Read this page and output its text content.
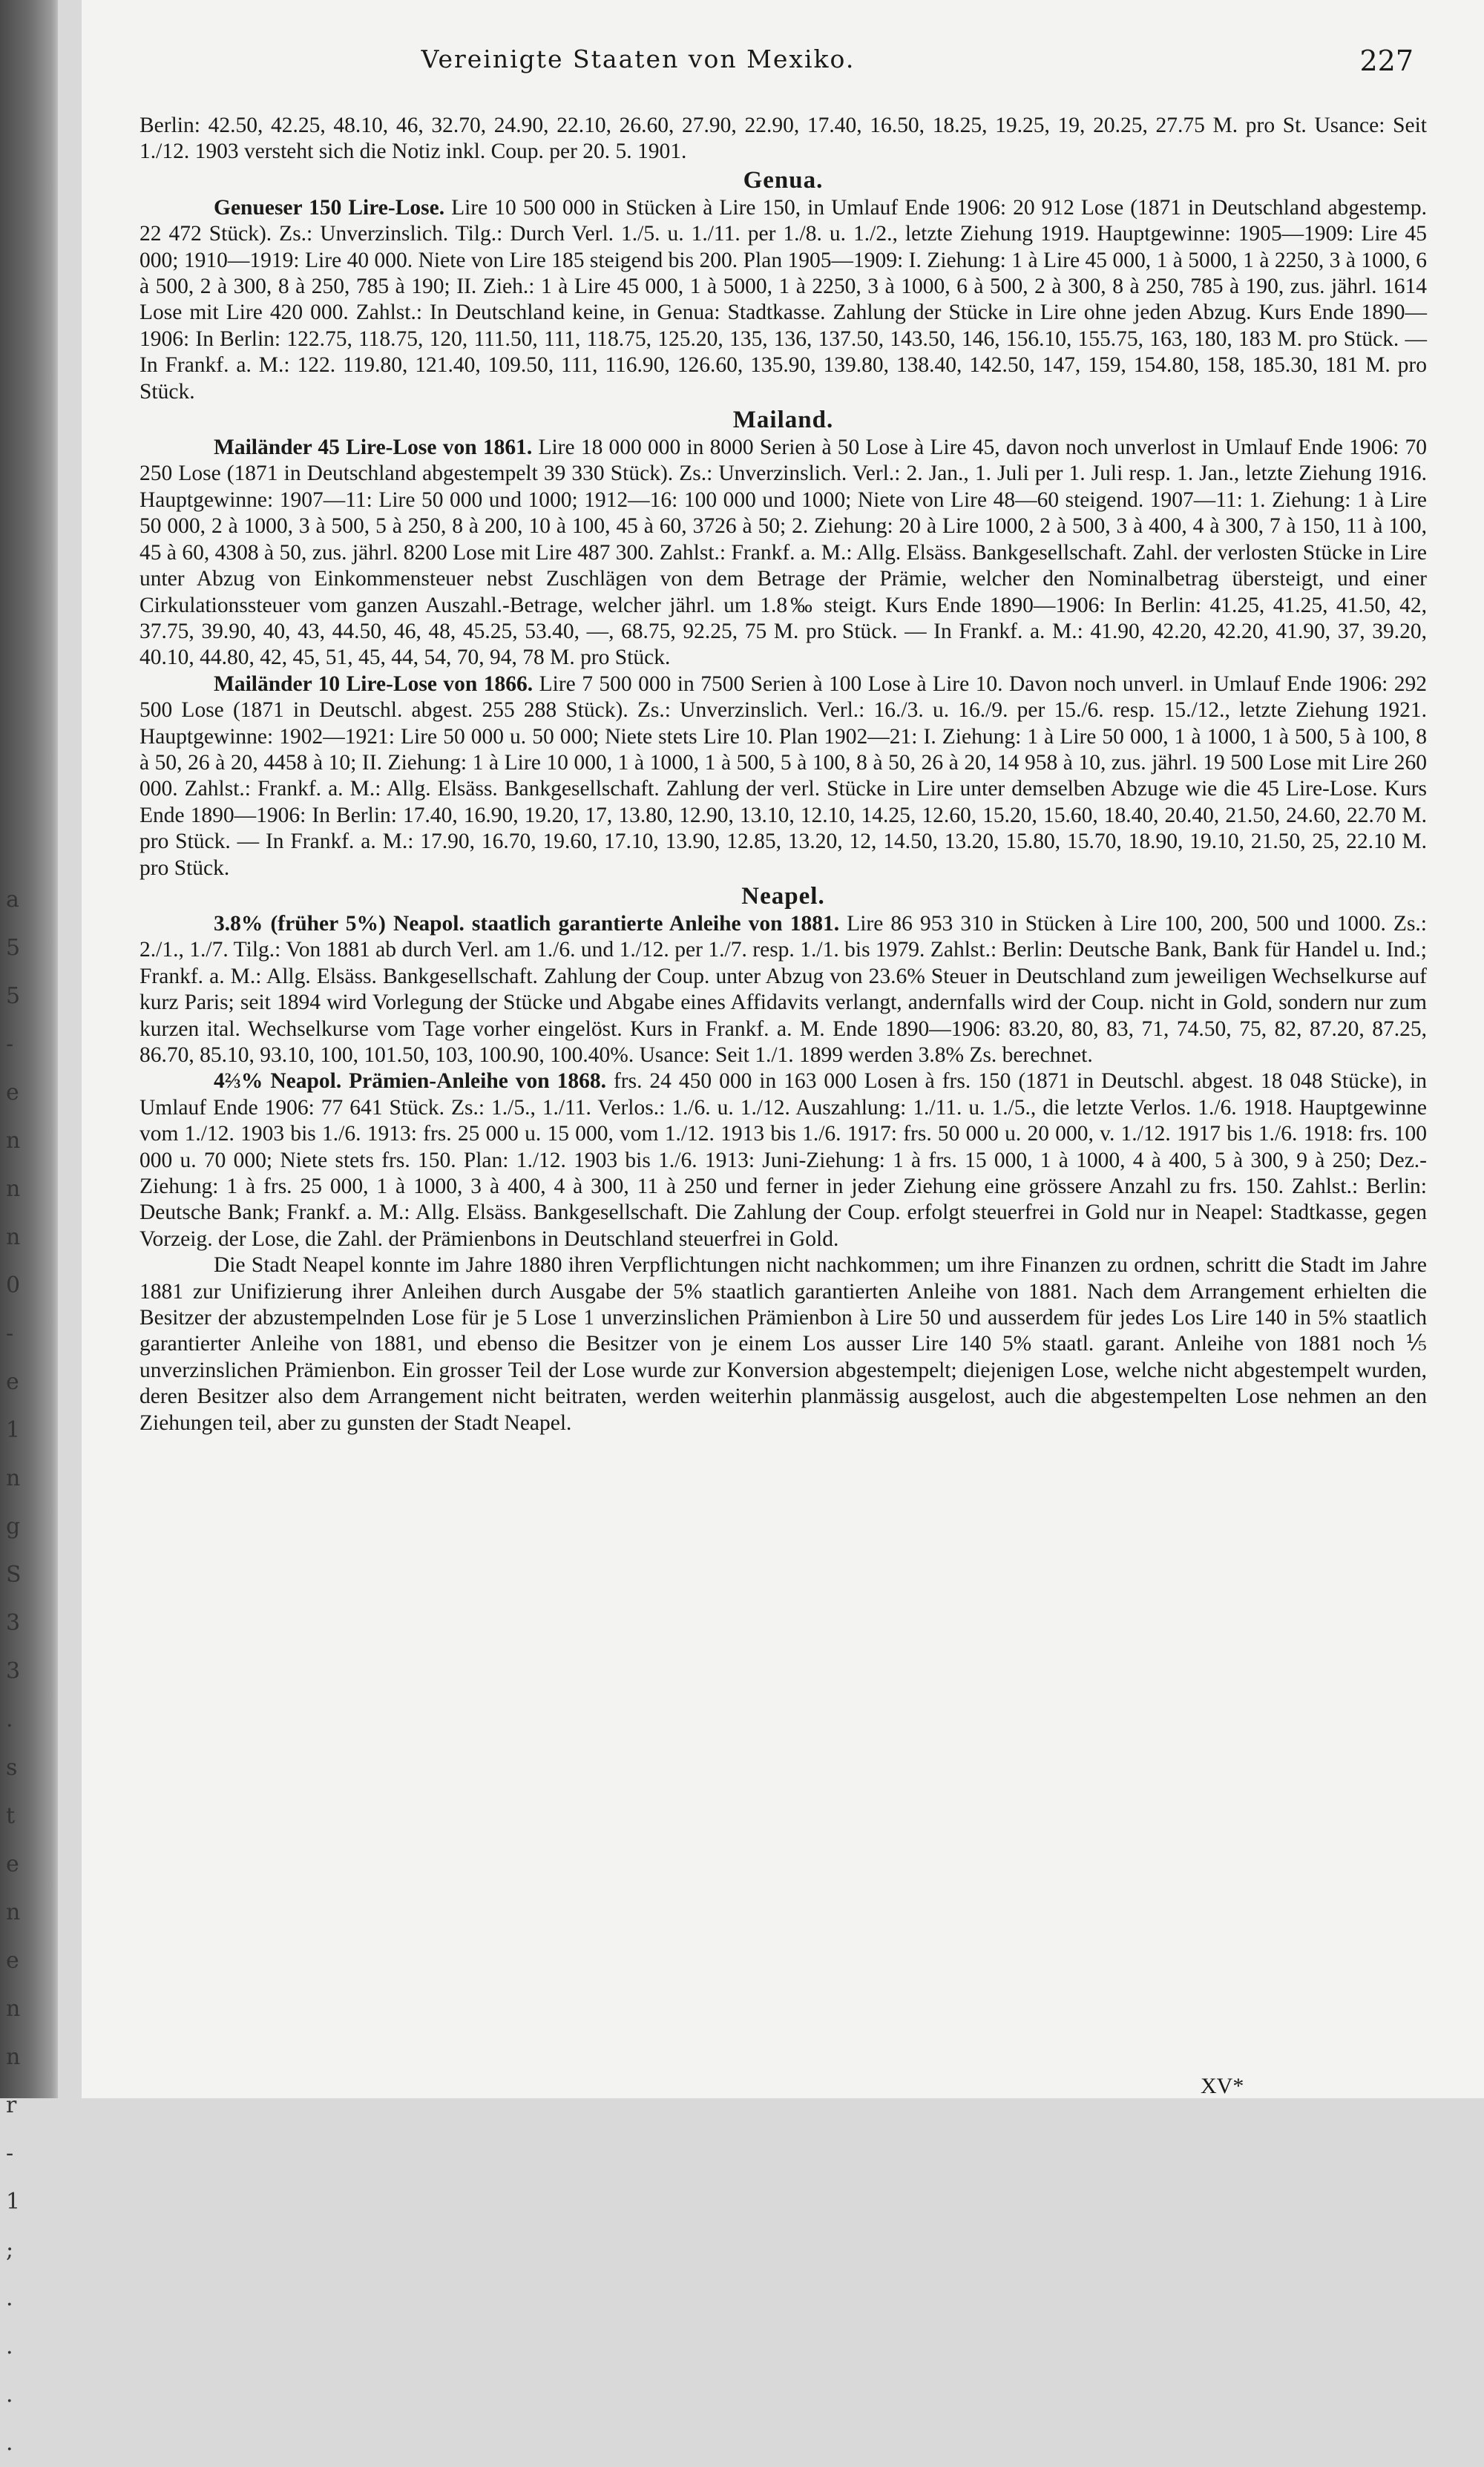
a
5
5
-
e
n
n
n
0
-
e
1
n
g
S
3
3
.
s
t
e
n
e
n
n
r
-
1
;
.
.
.
.
Vereinigte Staaten von Mexiko.	227

Berlin: 42.50, 42.25, 48.10, 46, 32.70, 24.90, 22.10, 26.60, 27.90, 22.90, 17.40, 16.50, 18.25, 19.25, 19, 20.25, 27.75 M. pro St. Usance: Seit 1./12. 1903 versteht sich die Notiz inkl. Coup. per 20. 5. 1901.

Genua.

Genueser 150 Lire-Lose. Lire 10 500 000 in Stücken à Lire 150, in Umlauf Ende 1906: 20 912 Lose (1871 in Deutschland abgestemp. 22 472 Stück). Zs.: Unverzinslich. Tilg.: Durch Verl. 1./5. u. 1./11. per 1./8. u. 1./2., letzte Ziehung 1919. Hauptgewinne: 1905—1909: Lire 45 000; 1910—1919: Lire 40 000. Niete von Lire 185 steigend bis 200. Plan 1905—1909: I. Ziehung: 1 à Lire 45 000, 1 à 5000, 1 à 2250, 3 à 1000, 6 à 500, 2 à 300, 8 à 250, 785 à 190; II. Zieh.: 1 à Lire 45 000, 1 à 5000, 1 à 2250, 3 à 1000, 6 à 500, 2 à 300, 8 à 250, 785 à 190, zus. jährl. 1614 Lose mit Lire 420 000. Zahlst.: In Deutschland keine, in Genua: Stadtkasse. Zahlung der Stücke in Lire ohne jeden Abzug. Kurs Ende 1890—1906: In Berlin: 122.75, 118.75, 120, 111.50, 111, 118.75, 125.20, 135, 136, 137.50, 143.50, 146, 156.10, 155.75, 163, 180, 183 M. pro Stück. — In Frankf. a. M.: 122. 119.80, 121.40, 109.50, 111, 116.90, 126.60, 135.90, 139.80, 138.40, 142.50, 147, 159, 154.80, 158, 185.30, 181 M. pro Stück.

Mailand.

Mailänder 45 Lire-Lose von 1861. Lire 18 000 000 in 8000 Serien à 50 Lose à Lire 45, davon noch unverlost in Umlauf Ende 1906: 70 250 Lose (1871 in Deutschland abgestempelt 39 330 Stück). Zs.: Unverzinslich. Verl.: 2. Jan., 1. Juli per 1. Juli resp. 1. Jan., letzte Ziehung 1916. Hauptgewinne: 1907—11: Lire 50 000 und 1000; 1912—16: 100 000 und 1000; Niete von Lire 48—60 steigend. 1907—11: 1. Ziehung: 1 à Lire 50 000, 2 à 1000, 3 à 500, 5 à 250, 8 à 200, 10 à 100, 45 à 60, 3726 à 50; 2. Ziehung: 20 à Lire 1000, 2 à 500, 3 à 400, 4 à 300, 7 à 150, 11 à 100, 45 à 60, 4308 à 50, zus. jährl. 8200 Lose mit Lire 487 300. Zahlst.: Frankf. a. M.: Allg. Elsäss. Bankgesellschaft. Zahl. der verlosten Stücke in Lire unter Abzug von Einkommensteuer nebst Zuschlägen von dem Betrage der Prämie, welcher den Nominalbetrag übersteigt, und einer Cirkulationssteuer vom ganzen Auszahl.-Betrage, welcher jährl. um 1.8‰ steigt. Kurs Ende 1890—1906: In Berlin: 41.25, 41.25, 41.50, 42, 37.75, 39.90, 40, 43, 44.50, 46, 48, 45.25, 53.40, —, 68.75, 92.25, 75 M. pro Stück. — In Frankf. a. M.: 41.90, 42.20, 42.20, 41.90, 37, 39.20, 40.10, 44.80, 42, 45, 51, 45, 44, 54, 70, 94, 78 M. pro Stück.

Mailänder 10 Lire-Lose von 1866. Lire 7 500 000 in 7500 Serien à 100 Lose à Lire 10. Davon noch unverl. in Umlauf Ende 1906: 292 500 Lose (1871 in Deutschl. abgest. 255 288 Stück). Zs.: Unverzinslich. Verl.: 16./3. u. 16./9. per 15./6. resp. 15./12., letzte Ziehung 1921. Hauptgewinne: 1902—1921: Lire 50 000 u. 50 000; Niete stets Lire 10. Plan 1902—21: I. Ziehung: 1 à Lire 50 000, 1 à 1000, 1 à 500, 5 à 100, 8 à 50, 26 à 20, 4458 à 10; II. Ziehung: 1 à Lire 10 000, 1 à 1000, 1 à 500, 5 à 100, 8 à 50, 26 à 20, 14 958 à 10, zus. jährl. 19 500 Lose mit Lire 260 000. Zahlst.: Frankf. a. M.: Allg. Elsäss. Bankgesellschaft. Zahlung der verl. Stücke in Lire unter demselben Abzuge wie die 45 Lire-Lose. Kurs Ende 1890—1906: In Berlin: 17.40, 16.90, 19.20, 17, 13.80, 12.90, 13.10, 12.10, 14.25, 12.60, 15.20, 15.60, 18.40, 20.40, 21.50, 24.60, 22.70 M. pro Stück. — In Frankf. a. M.: 17.90, 16.70, 19.60, 17.10, 13.90, 12.85, 13.20, 12, 14.50, 13.20, 15.80, 15.70, 18.90, 19.10, 21.50, 25, 22.10 M. pro Stück.

Neapel.

3.8% (früher 5%) Neapol. staatlich garantierte Anleihe von 1881. Lire 86 953 310 in Stücken à Lire 100, 200, 500 und 1000. Zs.: 2./1., 1./7. Tilg.: Von 1881 ab durch Verl. am 1./6. und 1./12. per 1./7. resp. 1./1. bis 1979. Zahlst.: Berlin: Deutsche Bank, Bank für Handel u. Ind.; Frankf. a. M.: Allg. Elsäss. Bankgesellschaft. Zahlung der Coup. unter Abzug von 23.6% Steuer in Deutschland zum jeweiligen Wechselkurse auf kurz Paris; seit 1894 wird Vorlegung der Stücke und Abgabe eines Affidavits verlangt, andernfalls wird der Coup. nicht in Gold, sondern nur zum kurzen ital. Wechselkurse vom Tage vorher eingelöst. Kurs in Frankf. a. M. Ende 1890—1906: 83.20, 80, 83, 71, 74.50, 75, 82, 87.20, 87.25, 86.70, 85.10, 93.10, 100, 101.50, 103, 100.90, 100.40%. Usance: Seit 1./1. 1899 werden 3.8% Zs. berechnet.

4⅔% Neapol. Prämien-Anleihe von 1868. frs. 24 450 000 in 163 000 Losen à frs. 150 (1871 in Deutschl. abgest. 18 048 Stücke), in Umlauf Ende 1906: 77 641 Stück. Zs.: 1./5., 1./11. Verlos.: 1./6. u. 1./12. Auszahlung: 1./11. u. 1./5., die letzte Verlos. 1./6. 1918. Hauptgewinne vom 1./12. 1903 bis 1./6. 1913: frs. 25 000 u. 15 000, vom 1./12. 1913 bis 1./6. 1917: frs. 50 000 u. 20 000, v. 1./12. 1917 bis 1./6. 1918: frs. 100 000 u. 70 000; Niete stets frs. 150. Plan: 1./12. 1903 bis 1./6. 1913: Juni-Ziehung: 1 à frs. 15 000, 1 à 1000, 4 à 400, 5 à 300, 9 à 250; Dez.-Ziehung: 1 à frs. 25 000, 1 à 1000, 3 à 400, 4 à 300, 11 à 250 und ferner in jeder Ziehung eine grössere Anzahl zu frs. 150. Zahlst.: Berlin: Deutsche Bank; Frankf. a. M.: Allg. Elsäss. Bankgesellschaft. Die Zahlung der Coup. erfolgt steuerfrei in Gold nur in Neapel: Stadtkasse, gegen Vorzeig. der Lose, die Zahl. der Prämienbons in Deutschland steuerfrei in Gold.

Die Stadt Neapel konnte im Jahre 1880 ihren Verpflichtungen nicht nachkommen; um ihre Finanzen zu ordnen, schritt die Stadt im Jahre 1881 zur Unifizierung ihrer Anleihen durch Ausgabe der 5% staatlich garantierten Anleihe von 1881. Nach dem Arrangement erhielten die Besitzer der abzustempelnden Lose für je 5 Lose 1 unverzinslichen Prämienbon à Lire 50 und ausserdem für jedes Los Lire 140 in 5% staatlich garantierter Anleihe von 1881, und ebenso die Besitzer von je einem Los ausser Lire 140 5% staatl. garant. Anleihe von 1881 noch ⅕ unverzinslichen Prämienbon. Ein grosser Teil der Lose wurde zur Konversion abgestempelt; diejenigen Lose, welche nicht abgestempelt wurden, deren Besitzer also dem Arrangement nicht beitraten, werden weiterhin planmässig ausgelost, auch die abgestempelten Lose nehmen an den Ziehungen teil, aber zu gunsten der Stadt Neapel.

XV*
